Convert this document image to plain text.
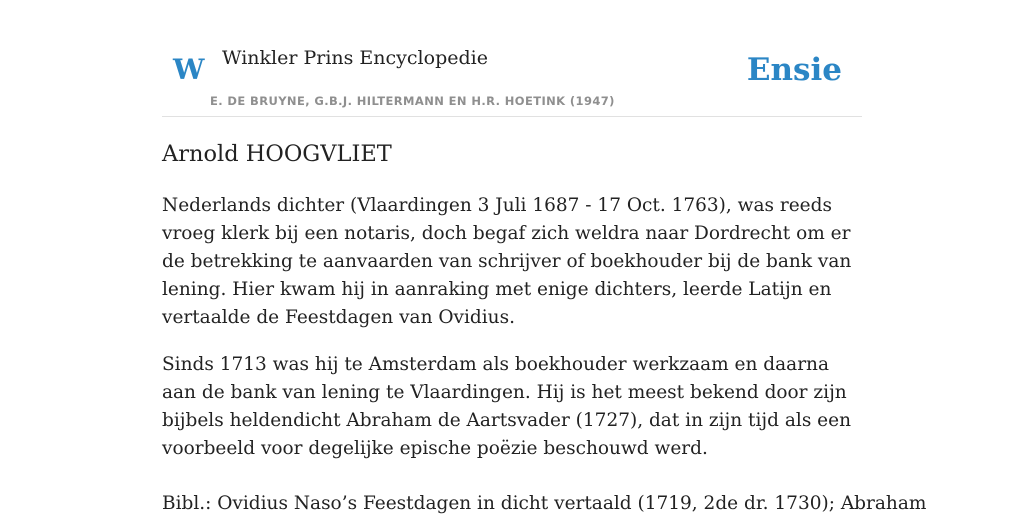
W Winkler Prins Encyclopedie
E. DE BRUYNE, G.B.J. HILTERMANN EN H.R. HOETINK (1947)
Ensie
Arnold HOOGVLIET

Nederlands dichter (Vlaardingen 3 Juli 1687 - 17 Oct. 1763), was reeds vroeg klerk bij een notaris, doch begaf zich weldra naar Dordrecht om er de betrekking te aanvaarden van schrijver of boekhouder bij de bank van lening. Hier kwam hij in aanraking met enige dichters, leerde Latijn en vertaalde de Feestdagen van Ovidius.

Sinds 1713 was hij te Amsterdam als boekhouder werkzaam en daarna aan de bank van lening te Vlaardingen. Hij is het meest bekend door zijn bijbels heldendicht Abraham de Aartsvader (1727), dat in zijn tijd als een voorbeeld voor degelijke epische poëzie beschouwd werd.

Bibl.: Ovidius Naso’s Feestdagen in dicht vertaald (1719, 2de dr. 1730); Abraham
